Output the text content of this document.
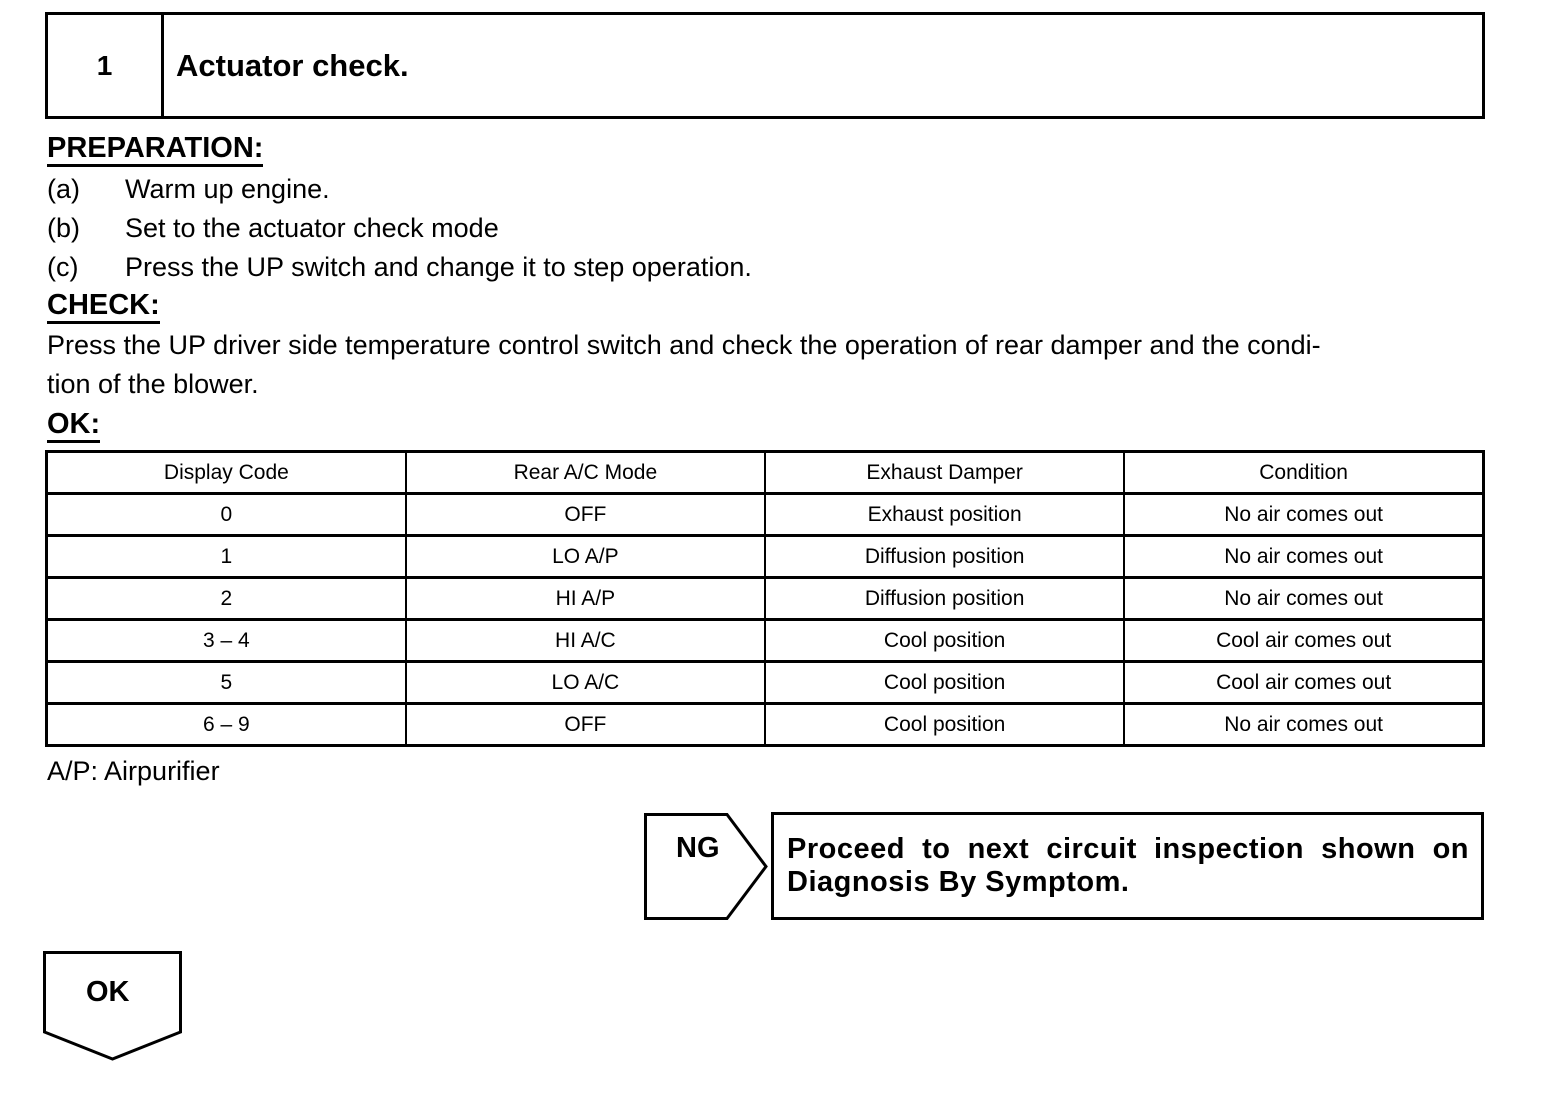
1	Actuator check.
PREPARATION:
(a) Warm up engine.
(b) Set to the actuator check mode
(c) Press the UP switch and change it to step operation.
CHECK:
Press the UP driver side temperature control switch and check the operation of rear damper and the condi-
tion of the blower.
OK:
Display Code	Rear A/C Mode	Exhaust Damper	Condition
0	OFF	Exhaust position	No air comes out
1	LO A/P	Diffusion position	No air comes out
2	HI A/P	Diffusion position	No air comes out
3 – 4	HI A/C	Cool position	Cool air comes out
5	LO A/C	Cool position	Cool air comes out
6 – 9	OFF	Cool position	No air comes out
A/P: Airpurifier
NG	Proceed to next circuit inspection shown on Diagnosis By Symptom.
OK
